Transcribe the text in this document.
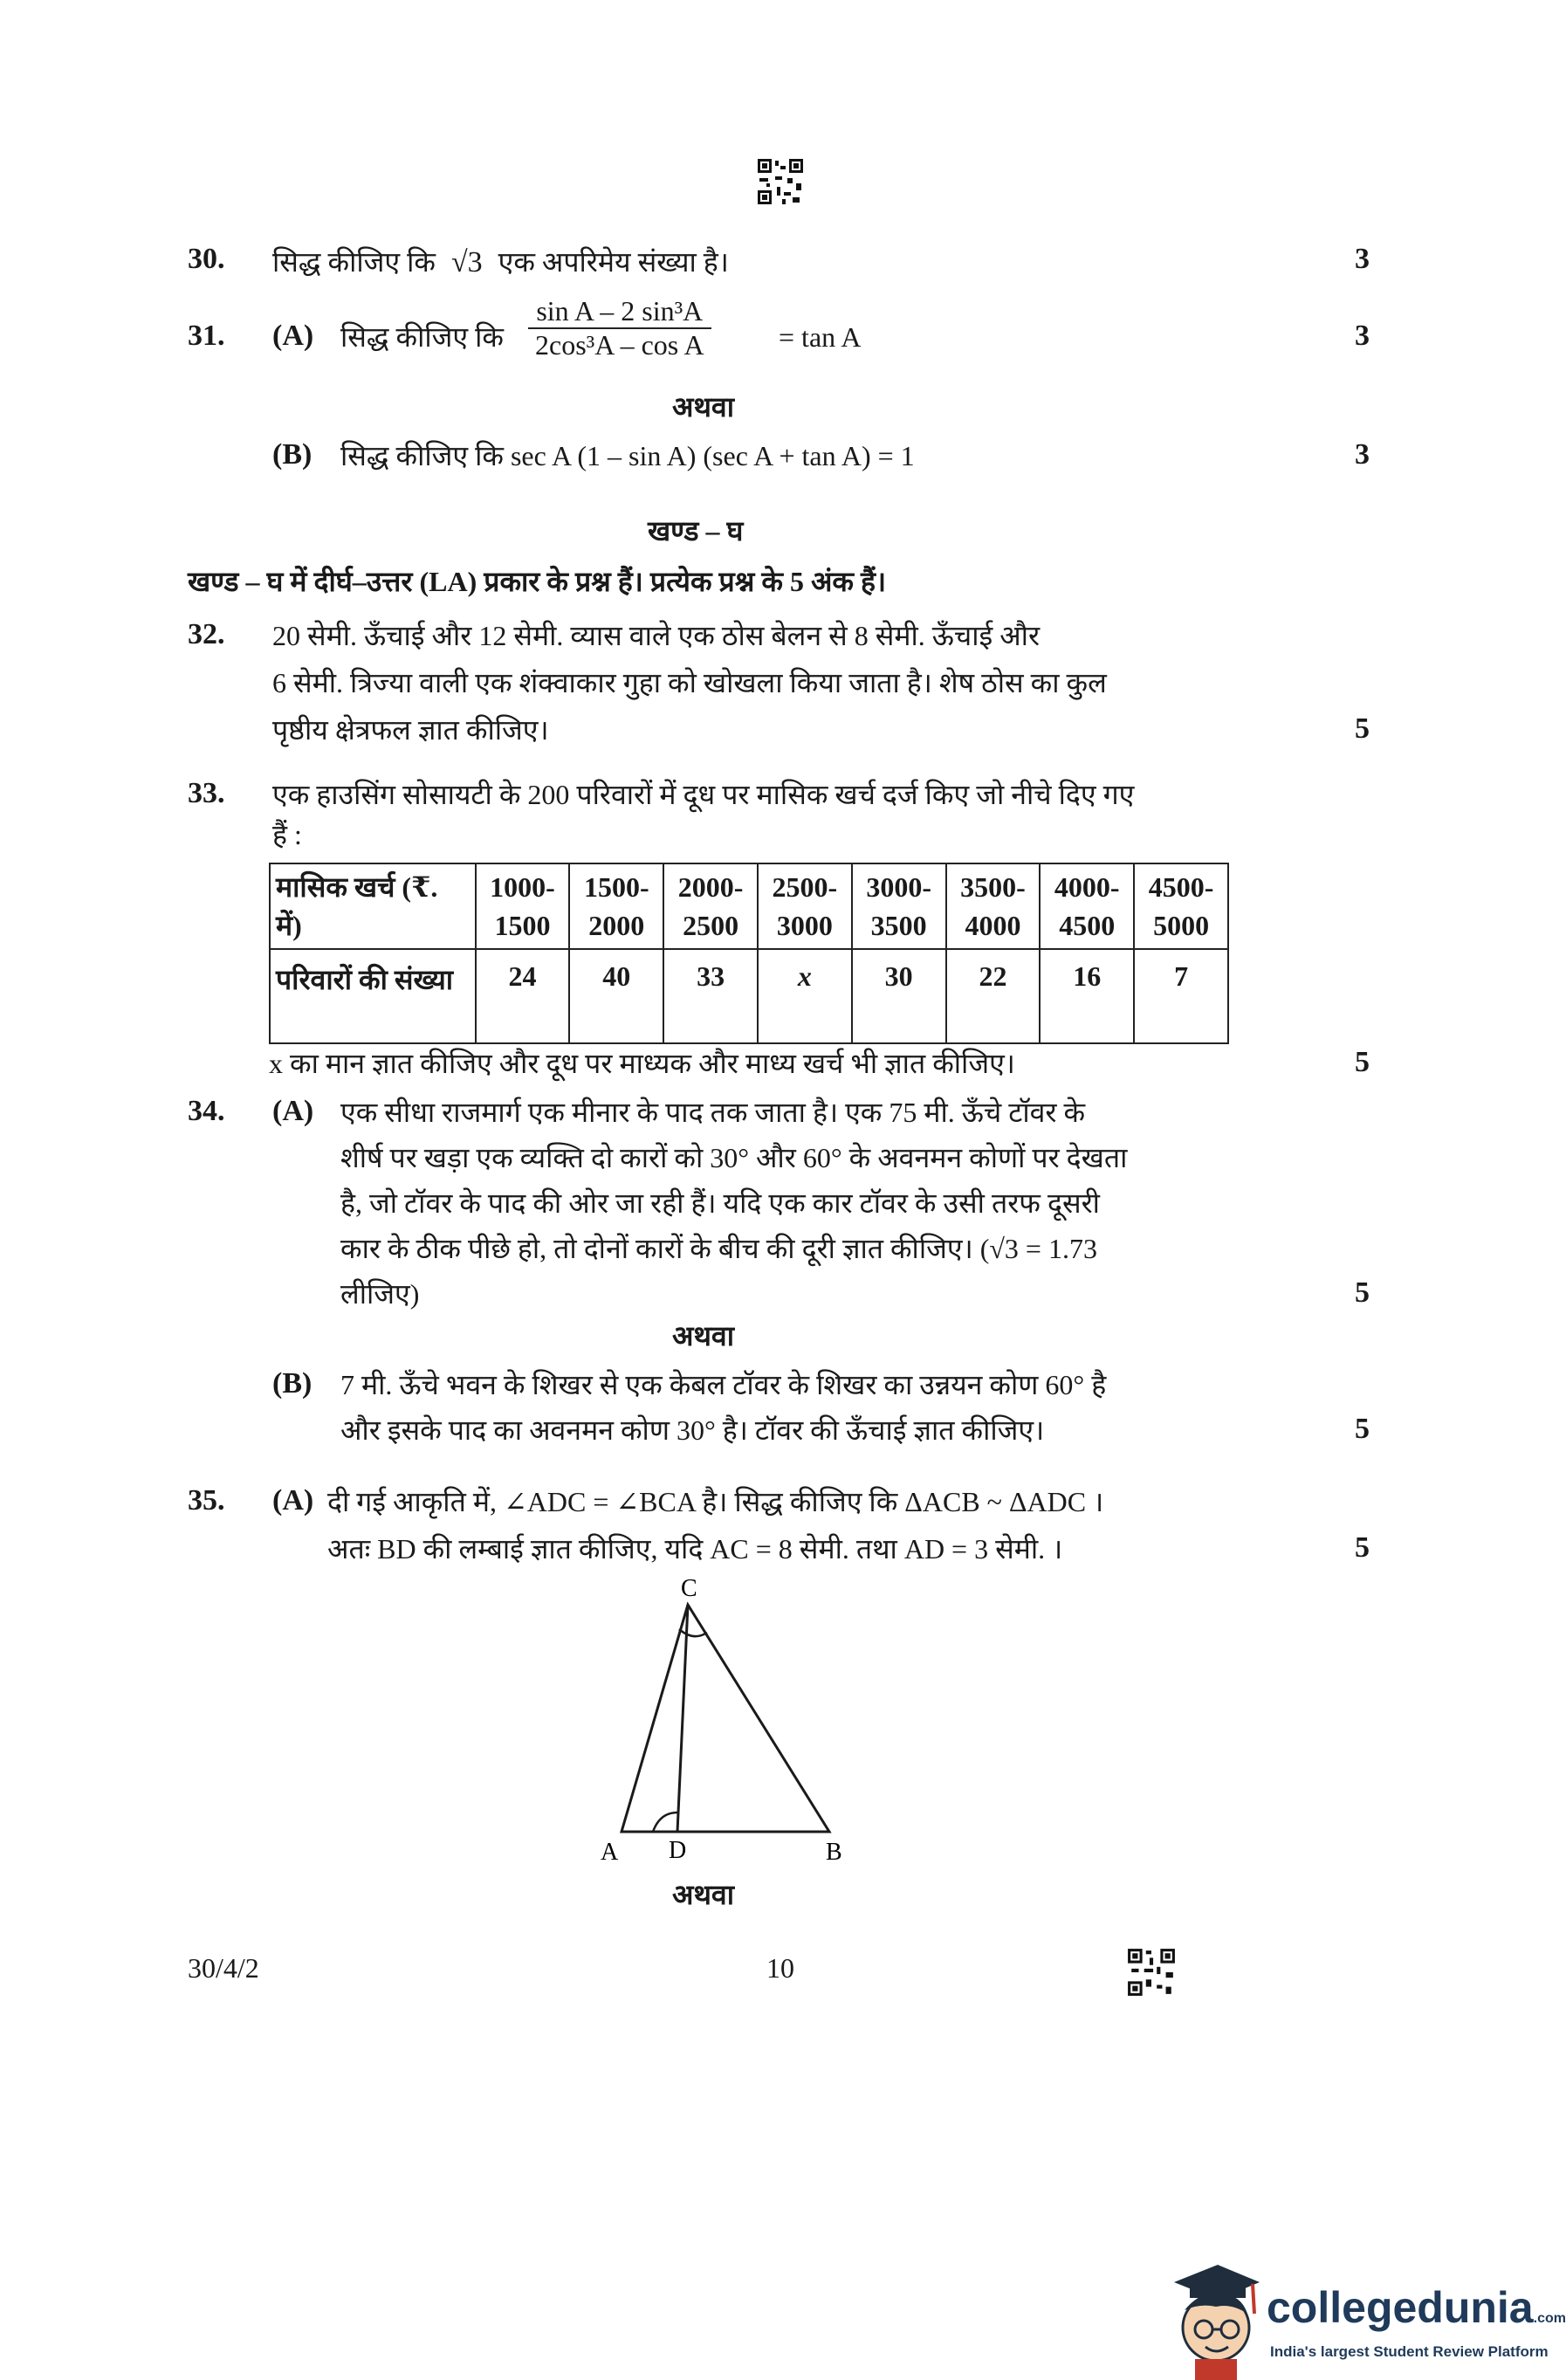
30. सिद्ध कीजिए कि √3 एक अपरिमेय संख्या है।	3
31. (A) सिद्ध कीजिए कि $\frac{\text{sin A – 2 sin³A}}{\text{2cos³A – cos A}} = \tan A$	3
अथवा
(B) सिद्ध कीजिए कि sec A (1 – sin A) (sec A + tan A) = 1	3
खण्ड – घ
खण्ड – घ में दीर्घ–उत्तर (LA) प्रकार के प्रश्न हैं। प्रत्येक प्रश्न के 5 अंक हैं।
32. 20 सेमी. ऊँचाई और 12 सेमी. व्यास वाले एक ठोस बेलन से 8 सेमी. ऊँचाई और
6 सेमी. त्रिज्या वाली एक शंक्वाकार गुहा को खोखला किया जाता है। शेष ठोस का कुल
पृष्ठीय क्षेत्रफल ज्ञात कीजिए।	5
33. एक हाउसिंग सोसायटी के 200 परिवारों में दूध पर मासिक खर्च दर्ज किए जो नीचे दिए गए
हैं :
मासिक खर्च (₹. में)	1000- 1500	1500- 2000	2000- 2500	2500- 3000	3000- 3500	3500- 4000	4000- 4500	4500- 5000
परिवारों की संख्या	24	40	33	x	30	22	16	7
x का मान ज्ञात कीजिए और दूध पर माध्यक और माध्य खर्च भी ज्ञात कीजिए।	5
34. (A) एक सीधा राजमार्ग एक मीनार के पाद तक जाता है। एक 75 मी. ऊँचे टॉवर के
शीर्ष पर खड़ा एक व्यक्ति दो कारों को 30° और 60° के अवनमन कोणों पर देखता
है, जो टॉवर के पाद की ओर जा रही हैं। यदि एक कार टॉवर के उसी तरफ दूसरी
कार के ठीक पीछे हो, तो दोनों कारों के बीच की दूरी ज्ञात कीजिए। (√3 = 1.73
लीजिए)	5
अथवा
(B) 7 मी. ऊँचे भवन के शिखर से एक केबल टॉवर के शिखर का उन्नयन कोण 60° है
और इसके पाद का अवनमन कोण 30° है। टॉवर की ऊँचाई ज्ञात कीजिए।	5
35. (A) दी गई आकृति में, ∠ADC = ∠BCA है। सिद्ध कीजिए कि ΔACB ~ ΔADC ।
अतः BD की लम्बाई ज्ञात कीजिए, यदि AC = 8 सेमी. तथा AD = 3 सेमी. ।	5
C
A D	B
अथवा
30/4/2	10
collegedunia.com
India's largest Student Review Platform
